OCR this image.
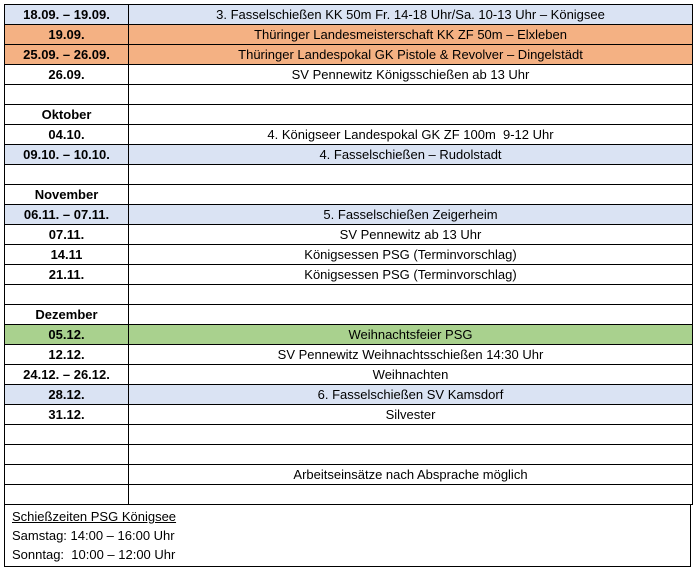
18.09. – 19.09.	3. Fasselschießen KK 50m Fr. 14-18 Uhr/Sa. 10-13 Uhr – Königsee
19.09.	Thüringer Landesmeisterschaft KK ZF 50m – Elxleben
25.09. – 26.09.	Thüringer Landespokal GK Pistole & Revolver – Dingelstädt
26.09.	SV Pennewitz Königsschießen ab 13 Uhr

Oktober	
04.10.	4. Königseer Landespokal GK ZF 100m  9-12 Uhr
09.10. – 10.10.	4. Fasselschießen – Rudolstadt

November	
06.11. – 07.11.	5. Fasselschießen Zeigerheim
07.11.	SV Pennewitz ab 13 Uhr
14.11	Königsessen PSG (Terminvorschlag)
21.11.	Königsessen PSG (Terminvorschlag)

Dezember	
05.12.	Weihnachtsfeier PSG
12.12.	SV Pennewitz Weihnachtsschießen 14:30 Uhr
24.12. – 26.12.	Weihnachten
28.12.	6. Fasselschießen SV Kamsdorf
31.12.	Silvester

	Arbeitseinsätze nach Absprache möglich

Schießzeiten PSG Königsee
Samstag: 14:00 – 16:00 Uhr
Sonntag:  10:00 – 12:00 Uhr
